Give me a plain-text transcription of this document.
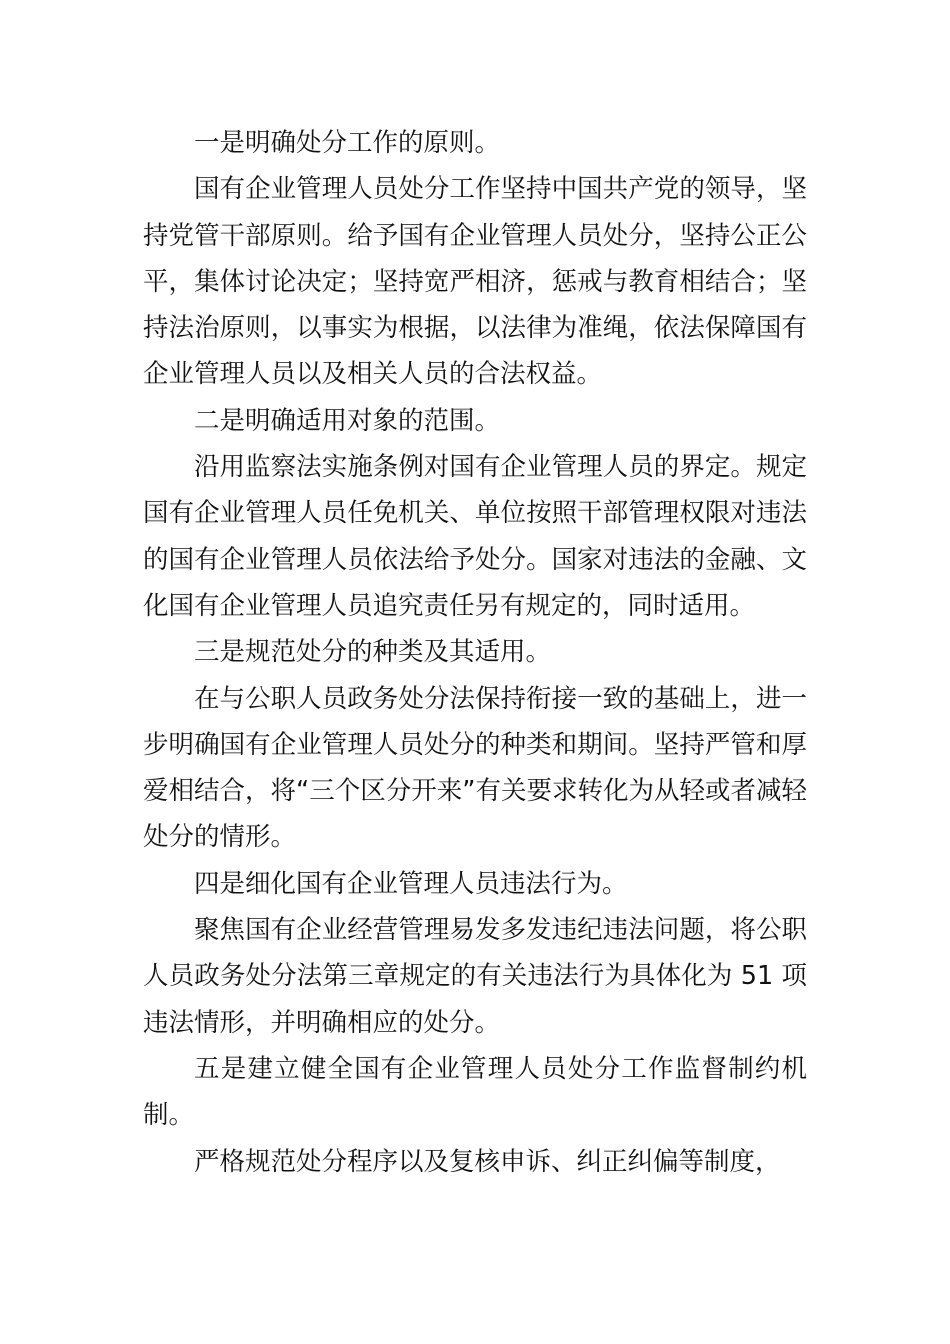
一是明确处分工作的原则。

国有企业管理人员处分工作坚持中国共产党的领导，坚持党管干部原则。给予国有企业管理人员处分，坚持公正公平，集体讨论决定；坚持宽严相济，惩戒与教育相结合；坚持法治原则，以事实为根据，以法律为准绳，依法保障国有企业管理人员以及相关人员的合法权益。

二是明确适用对象的范围。

沿用监察法实施条例对国有企业管理人员的界定。规定国有企业管理人员任免机关、单位按照干部管理权限对违法的国有企业管理人员依法给予处分。国家对违法的金融、文化国有企业管理人员追究责任另有规定的，同时适用。

三是规范处分的种类及其适用。

在与公职人员政务处分法保持衔接一致的基础上，进一步明确国有企业管理人员处分的种类和期间。坚持严管和厚爱相结合，将“三个区分开来”有关要求转化为从轻或者减轻处分的情形。

四是细化国有企业管理人员违法行为。

聚焦国有企业经营管理易发多发违纪违法问题，将公职人员政务处分法第三章规定的有关违法行为具体化为 51 项违法情形，并明确相应的处分。

五是建立健全国有企业管理人员处分工作监督制约机制。

严格规范处分程序以及复核申诉、纠正纠偏等制度，
